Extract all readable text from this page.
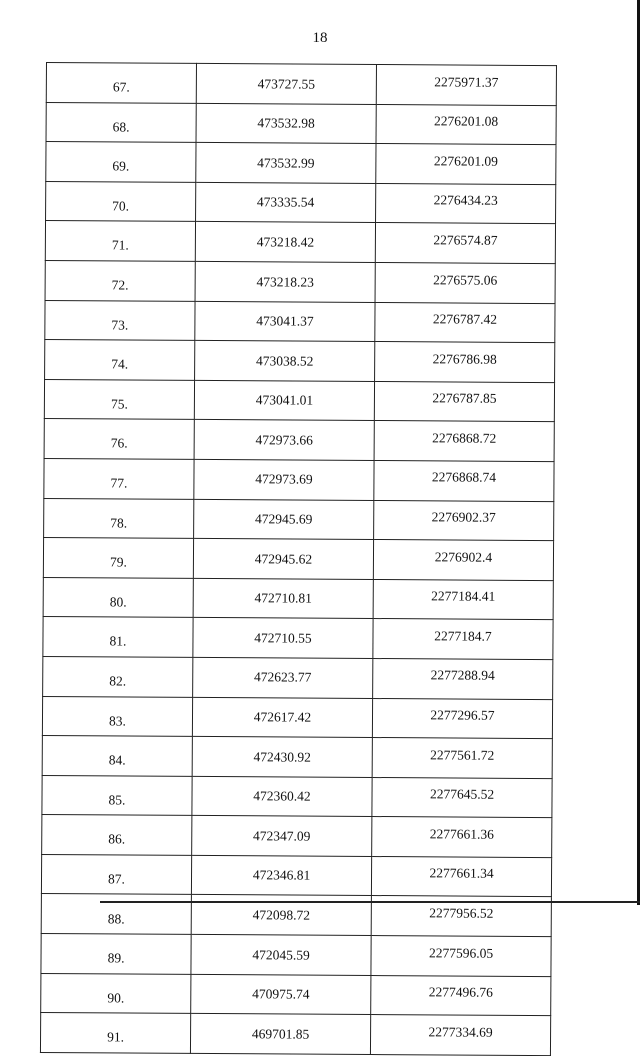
18
67.	473727.55	2275971.37
68.	473532.98	2276201.08
69.	473532.99	2276201.09
70.	473335.54	2276434.23
71.	473218.42	2276574.87
72.	473218.23	2276575.06
73.	473041.37	2276787.42
74.	473038.52	2276786.98
75.	473041.01	2276787.85
76.	472973.66	2276868.72
77.	472973.69	2276868.74
78.	472945.69	2276902.37
79.	472945.62	2276902.4
80.	472710.81	2277184.41
81.	472710.55	2277184.7
82.	472623.77	2277288.94
83.	472617.42	2277296.57
84.	472430.92	2277561.72
85.	472360.42	2277645.52
86.	472347.09	2277661.36
87.	472346.81	2277661.34
88.	472098.72	2277956.52
89.	472045.59	2277596.05
90.	470975.74	2277496.76
91.	469701.85	2277334.69
